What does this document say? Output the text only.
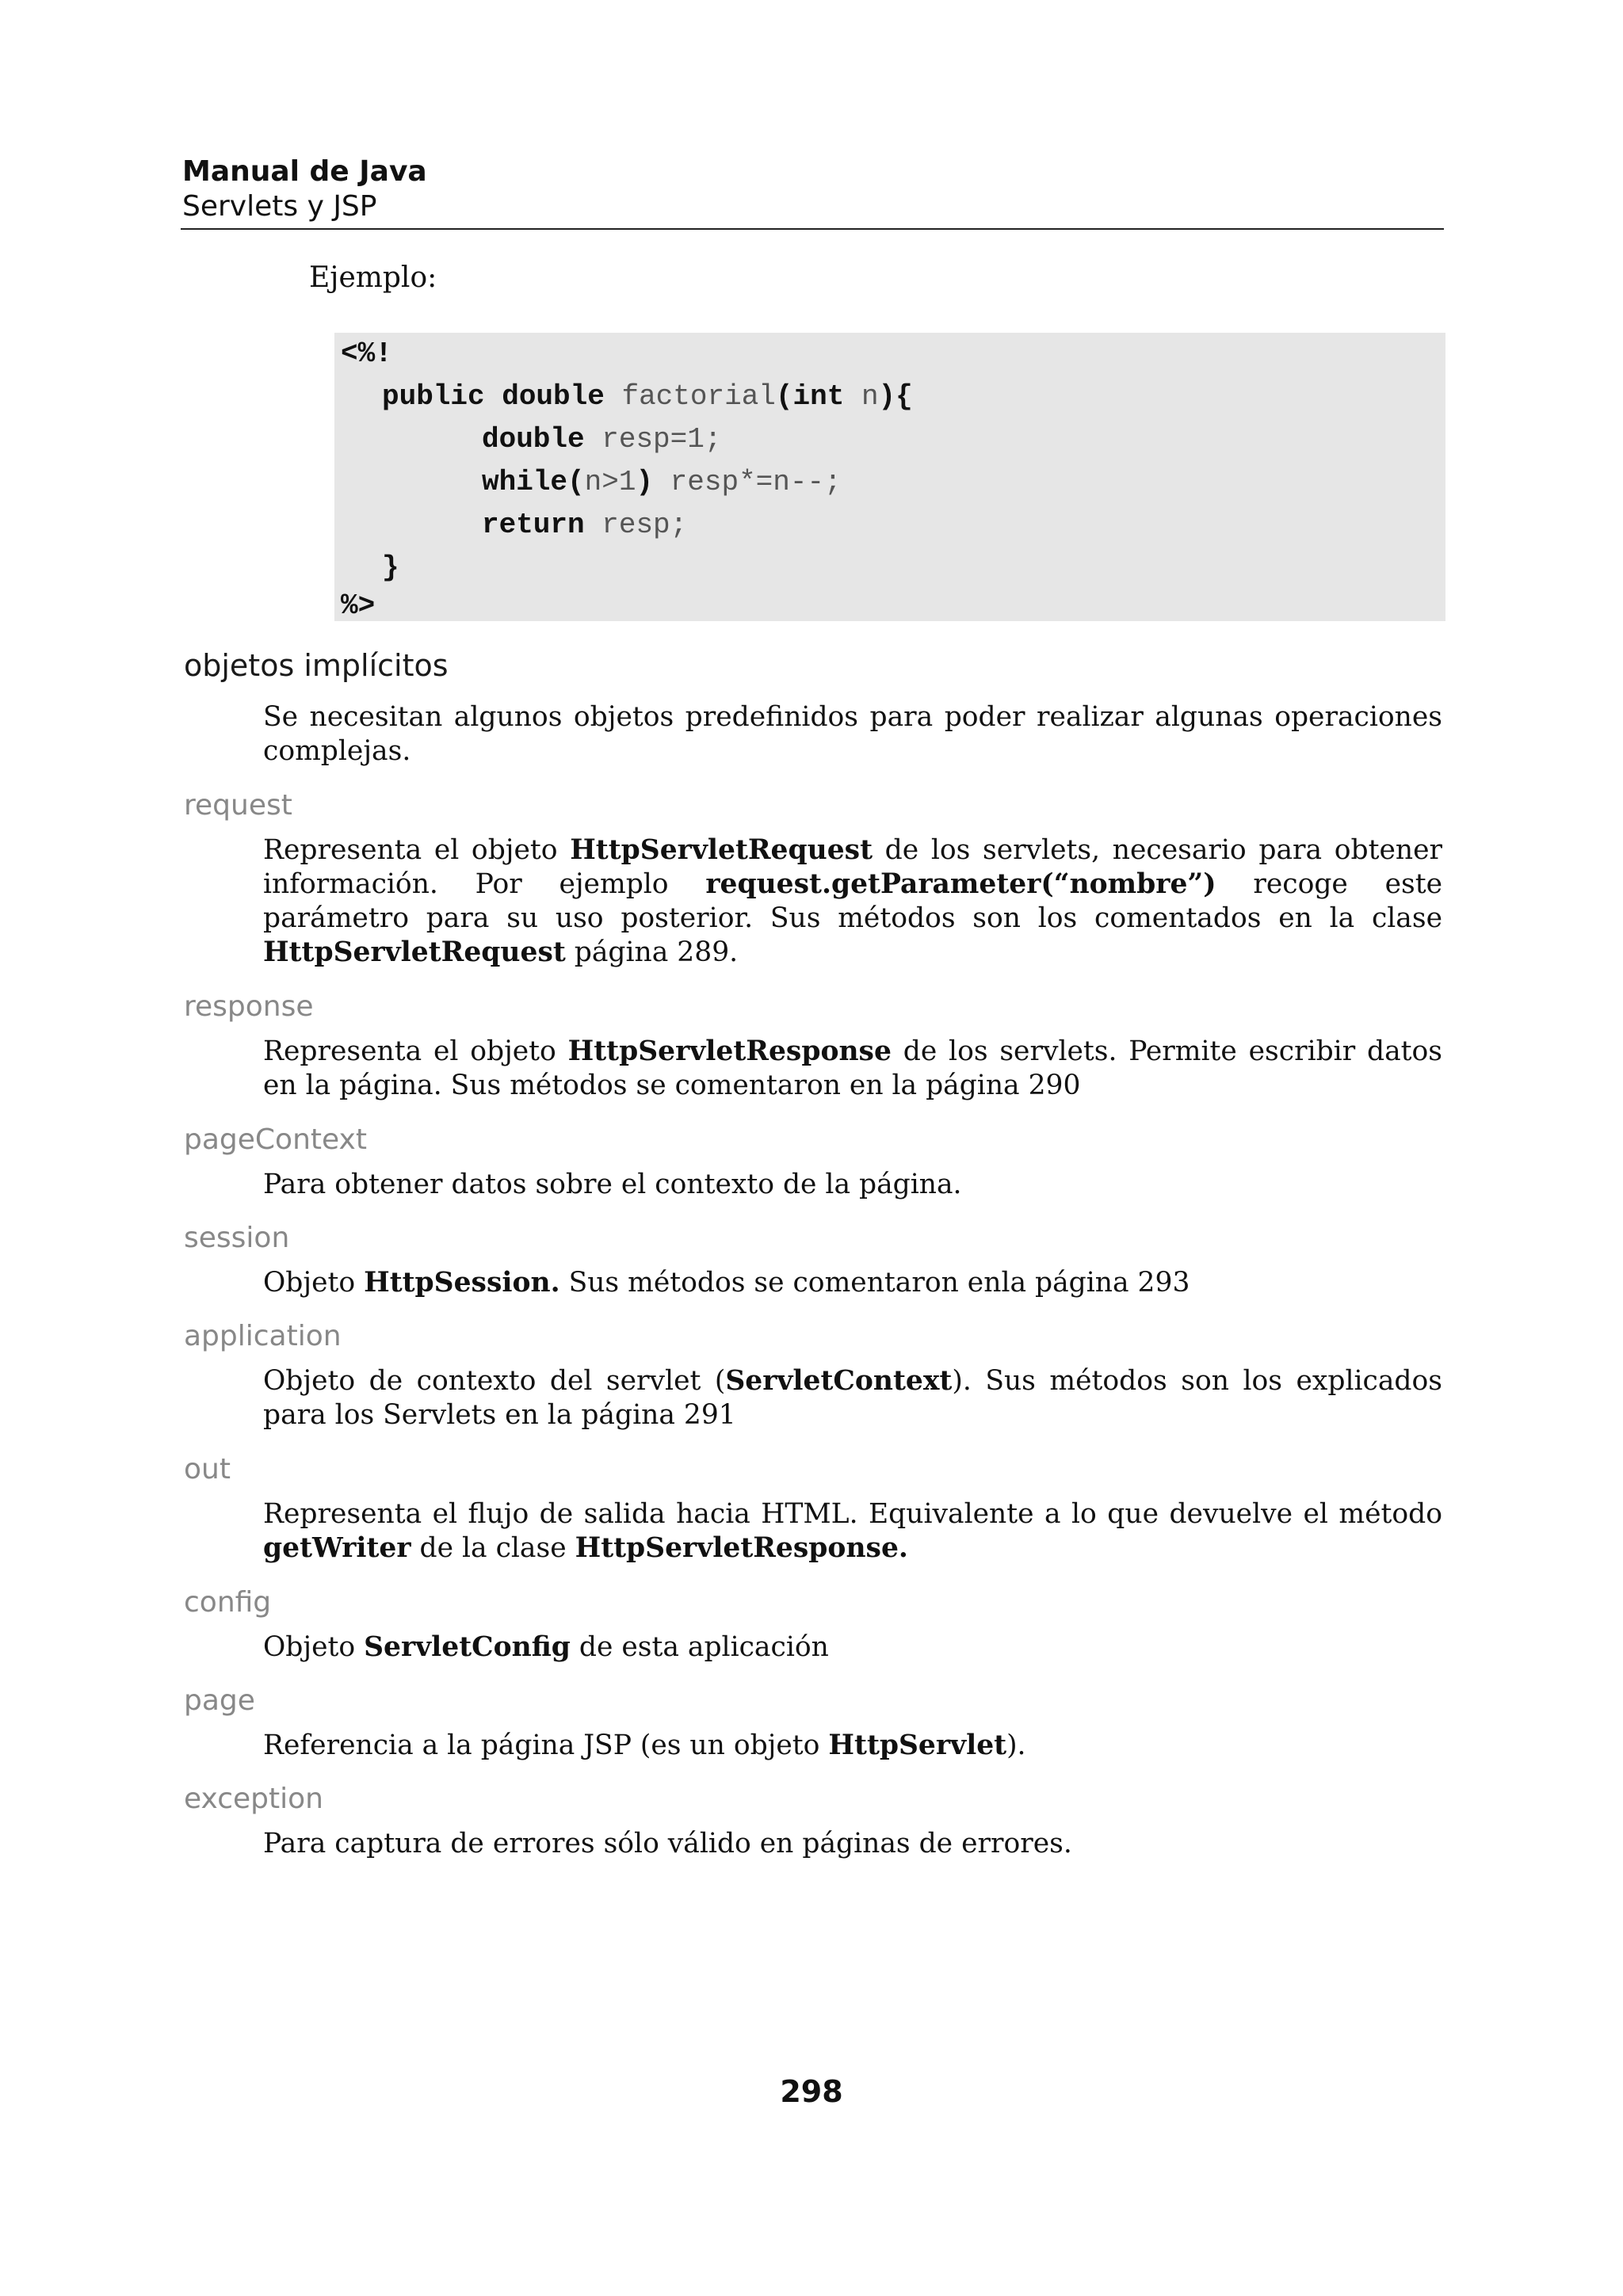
Manual de Java
Servlets y JSP
Ejemplo:
<%!
public double factorial(int n){
double resp=1;
while(n>1) resp*=n--;
return resp;
}
%>
objetos implícitos
Se necesitan algunos objetos predefinidos para poder realizar algunas operaciones complejas.
request
Representa el objeto HttpServletRequest de los servlets, necesario para obtener información. Por ejemplo request.getParameter(“nombre”) recoge este parámetro para su uso posterior. Sus métodos son los comentados en la clase HttpServletRequest página 289.
response
Representa el objeto HttpServletResponse de los servlets. Permite escribir datos en la página. Sus métodos se comentaron en la página 290
pageContext
Para obtener datos sobre el contexto de la página.
session
Objeto HttpSession. Sus métodos se comentaron enla página 293
application
Objeto de contexto del servlet (ServletContext). Sus métodos son los explicados para los Servlets en la página 291
out
Representa el flujo de salida hacia HTML. Equivalente a lo que devuelve el método getWriter de la clase HttpServletResponse.
config
Objeto ServletConfig de esta aplicación
page
Referencia a la página JSP (es un objeto HttpServlet).
exception
Para captura de errores sólo válido en páginas de errores.
298
